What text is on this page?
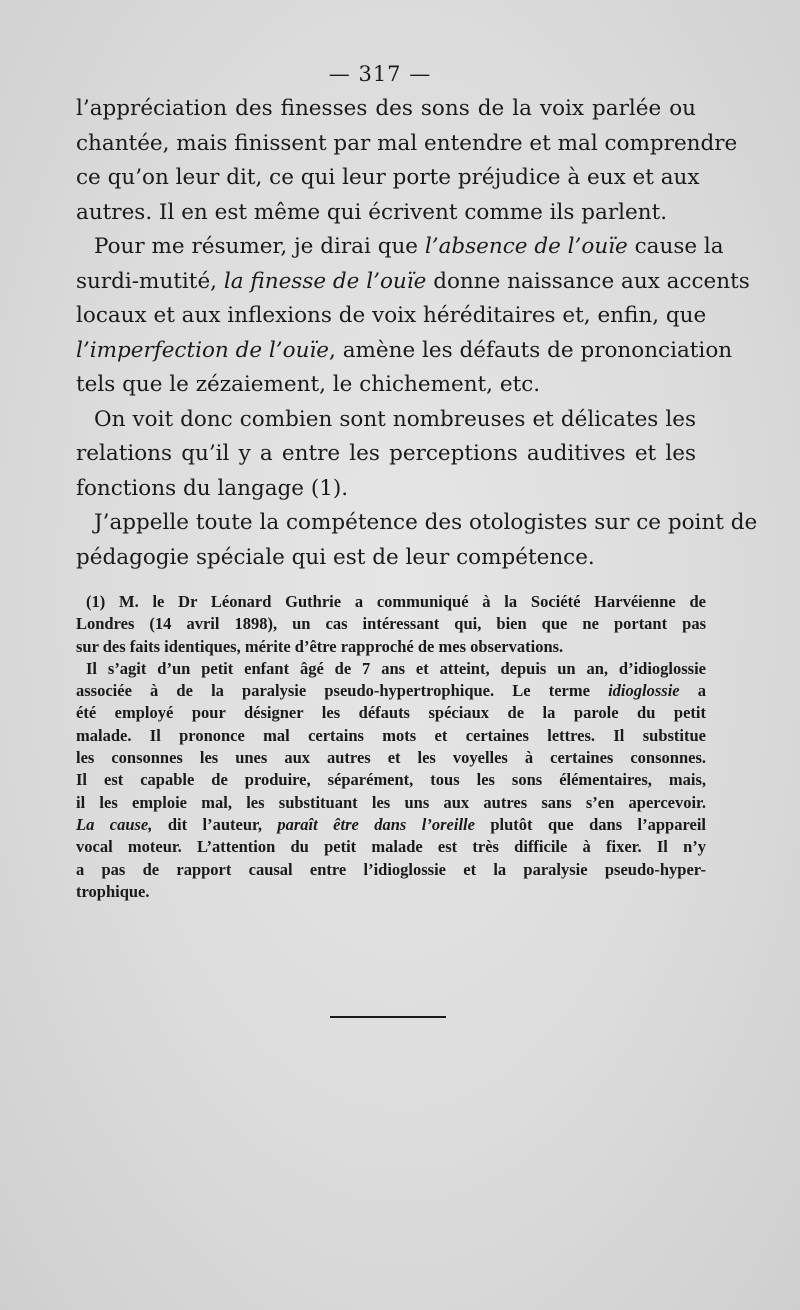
— 317 —
l’appréciation des finesses des sons de la voix parlée ou
chantée, mais finissent par mal entendre et mal comprendre
ce qu’on leur dit, ce qui leur porte préjudice à eux et aux
autres. Il en est même qui écrivent comme ils parlent.
Pour me résumer, je dirai que l’absence de l’ouïe cause la
surdi-mutité, la finesse de l’ouïe donne naissance aux accents
locaux et aux inflexions de voix héréditaires et, enfin, que
l’imperfection de l’ouïe, amène les défauts de prononciation
tels que le zézaiement, le chichement, etc.
On voit donc combien sont nombreuses et délicates les
relations qu’il y a entre les perceptions auditives et les
fonctions du langage (1).
J’appelle toute la compétence des otologistes sur ce point de
pédagogie spéciale qui est de leur compétence.
(1) M. le Dr Léonard Guthrie a communiqué à la Société Harvéienne de
Londres (14 avril 1898), un cas intéressant qui, bien que ne portant pas
sur des faits identiques, mérite d’être rapproché de mes observations.
Il s’agit d’un petit enfant âgé de 7 ans et atteint, depuis un an, d’idioglossie
associée à de la paralysie pseudo-hypertrophique. Le terme idioglossie a
été employé pour désigner les défauts spéciaux de la parole du petit
malade. Il prononce mal certains mots et certaines lettres. Il substitue
les consonnes les unes aux autres et les voyelles à certaines consonnes.
Il est capable de produire, séparément, tous les sons élémentaires, mais,
il les emploie mal, les substituant les uns aux autres sans s’en apercevoir.
La cause, dit l’auteur, paraît être dans l’oreille plutôt que dans l’appareil
vocal moteur. L’attention du petit malade est très difficile à fixer. Il n’y
a pas de rapport causal entre l’idioglossie et la paralysie pseudo-hyper-
trophique.
